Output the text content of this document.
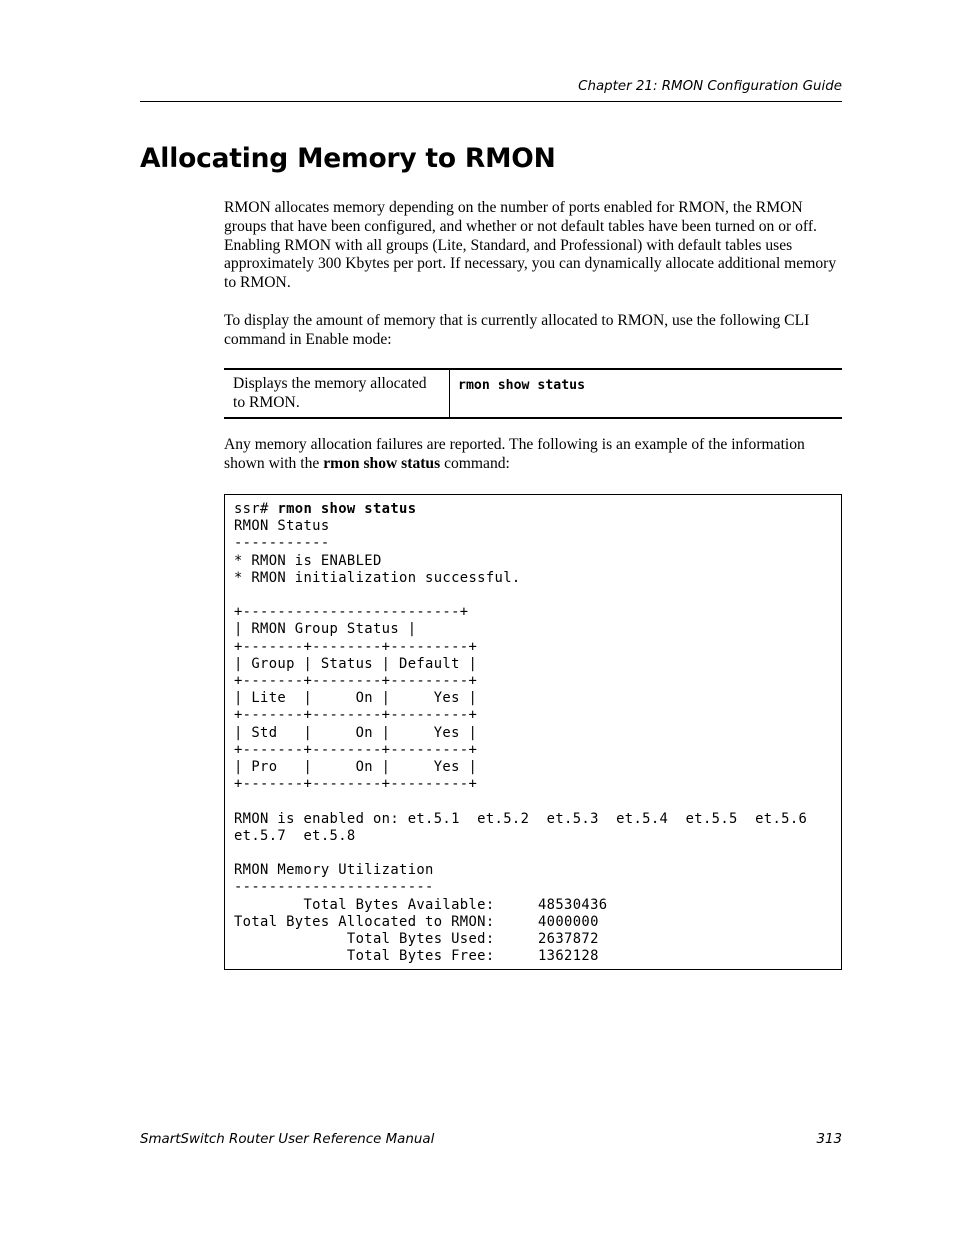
Chapter 21: RMON Configuration Guide
Allocating Memory to RMON

RMON allocates memory depending on the number of ports enabled for RMON, the RMON groups that have been configured, and whether or not default tables have been turned on or off. Enabling RMON with all groups (Lite, Standard, and Professional) with default tables uses approximately 300 Kbytes per port. If necessary, you can dynamically allocate additional memory to RMON.

To display the amount of memory that is currently allocated to RMON, use the following CLI command in Enable mode:

Displays the memory allocated to RMON.
rmon show status

Any memory allocation failures are reported. The following is an example of the information shown with the rmon show status command:

ssr# rmon show status
RMON Status
-----------
* RMON is ENABLED
* RMON initialization successful.

+-------------------------+
| RMON Group Status |
+-------+--------+---------+
| Group | Status | Default |
+-------+--------+---------+
| Lite  |     On |     Yes |
+-------+--------+---------+
| Std   |     On |     Yes |
+-------+--------+---------+
| Pro   |     On |     Yes |
+-------+--------+---------+

RMON is enabled on: et.5.1  et.5.2  et.5.3  et.5.4  et.5.5  et.5.6
et.5.7  et.5.8

RMON Memory Utilization
-----------------------
Total Bytes Available:     48530436
Total Bytes Allocated to RMON:     4000000
Total Bytes Used:     2637872
Total Bytes Free:     1362128
SmartSwitch Router User Reference Manual	313
